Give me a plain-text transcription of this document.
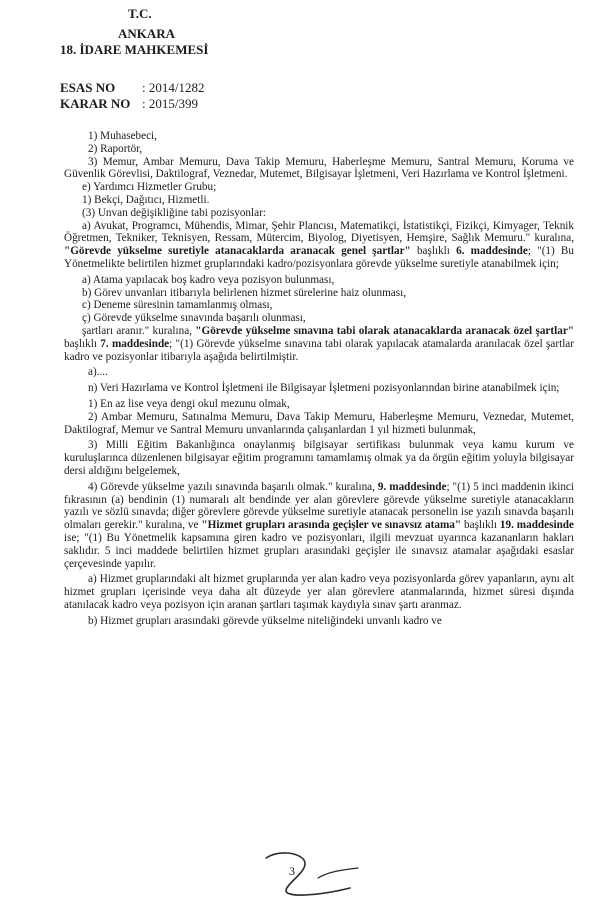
T.C.
ANKARA
18. İDARE MAHKEMESİ
ESAS NO : 2014/1282
KARAR NO : 2015/399

1) Muhasebeci,

2) Raportör,

3) Memur, Ambar Memuru, Dava Takip Memuru, Haberleşme Memuru, Santral Memuru, Koruma ve Güvenlik Görevlisi, Daktilograf, Veznedar, Mutemet, Bilgisayar İşletmeni, Veri Hazırlama ve Kontrol İşletmeni.

e) Yardımcı Hizmetler Grubu;

1) Bekçi, Dağıtıcı, Hizmetli.

(3) Unvan değişikliğine tabi pozisyonlar:

a) Avukat, Programcı, Mühendis, Mimar, Şehir Plancısı, Matematikçi, İstatistikçi, Fizikçi, Kimyager, Teknik Öğretmen, Tekniker, Teknisyen, Ressam, Mütercim, Biyolog, Diyetisyen, Hemşire, Sağlık Memuru." kuralına, "Görevde yükselme suretiyle atanacaklarda aranacak genel şartlar" başlıklı 6. maddesinde; "(1) Bu Yönetmelikte belirtilen hizmet gruplarındaki kadro/pozisyonlara görevde yükselme suretiyle atanabilmek için;

a) Atama yapılacak boş kadro veya pozisyon bulunması,

b) Görev unvanları itibarıyla belirlenen hizmet sürelerine haiz olunması,

c) Deneme süresinin tamamlanmış olması,

ç) Görevde yükselme sınavında başarılı olunması,

şartları aranır." kuralına, "Görevde yükselme sınavına tabi olarak atanacaklarda aranacak özel şartlar" başlıklı 7. maddesinde; "(1) Görevde yükselme sınavına tabi olarak yapılacak atamalarda aranılacak özel şartlar kadro ve pozisyonlar itibarıyla aşağıda belirtilmiştir.

a)....

n) Veri Hazırlama ve Kontrol İşletmeni ile Bilgisayar İşletmeni pozisyonlarından birine atanabilmek için;

1) En az lise veya dengi okul mezunu olmak,

2) Ambar Memuru, Satınalma Memuru, Dava Takip Memuru, Haberleşme Memuru, Veznedar, Mutemet, Daktilograf, Memur ve Santral Memuru unvanlarında çalışanlardan 1 yıl hizmeti bulunmak,

3) Milli Eğitim Bakanlığınca onaylanmış bilgisayar sertifikası bulunmak veya kamu kurum ve kuruluşlarınca düzenlenen bilgisayar eğitim programını tamamlamış olmak ya da örgün eğitim yoluyla bilgisayar dersi aldığını belgelemek,

4) Görevde yükselme yazılı sınavında başarılı olmak." kuralına, 9. maddesinde; "(1) 5 inci maddenin ikinci fıkrasının (a) bendinin (1) numaralı alt bendinde yer alan görevlere görevde yükselme suretiyle atanacakların yazılı ve sözlü sınavda; diğer görevlere görevde yükselme suretiyle atanacak personelin ise yazılı sınavda başarılı olmaları gerekir." kuralına, ve "Hizmet grupları arasında geçişler ve sınavsız atama" başlıklı 19. maddesinde ise; "(1) Bu Yönetmelik kapsamına giren kadro ve pozisyonları, ilgili mevzuat uyarınca kazananların hakları saklıdır. 5 inci maddede belirtilen hizmet grupları arasındaki geçişler ile sınavsız atamalar aşağıdaki esaslar çerçevesinde yapılır.

a) Hizmet gruplarındaki alt hizmet gruplarında yer alan kadro veya pozisyonlarda görev yapanların, aynı alt hizmet grupları içerisinde veya daha alt düzeyde yer alan görevlere atanmalarında, hizmet süresi dışında atanılacak kadro veya pozisyon için aranan şartları taşımak kaydıyla sınav şartı aranmaz.

b) Hizmet grupları arasındaki görevde yükselme niteliğindeki unvanlı kadro ve

3
